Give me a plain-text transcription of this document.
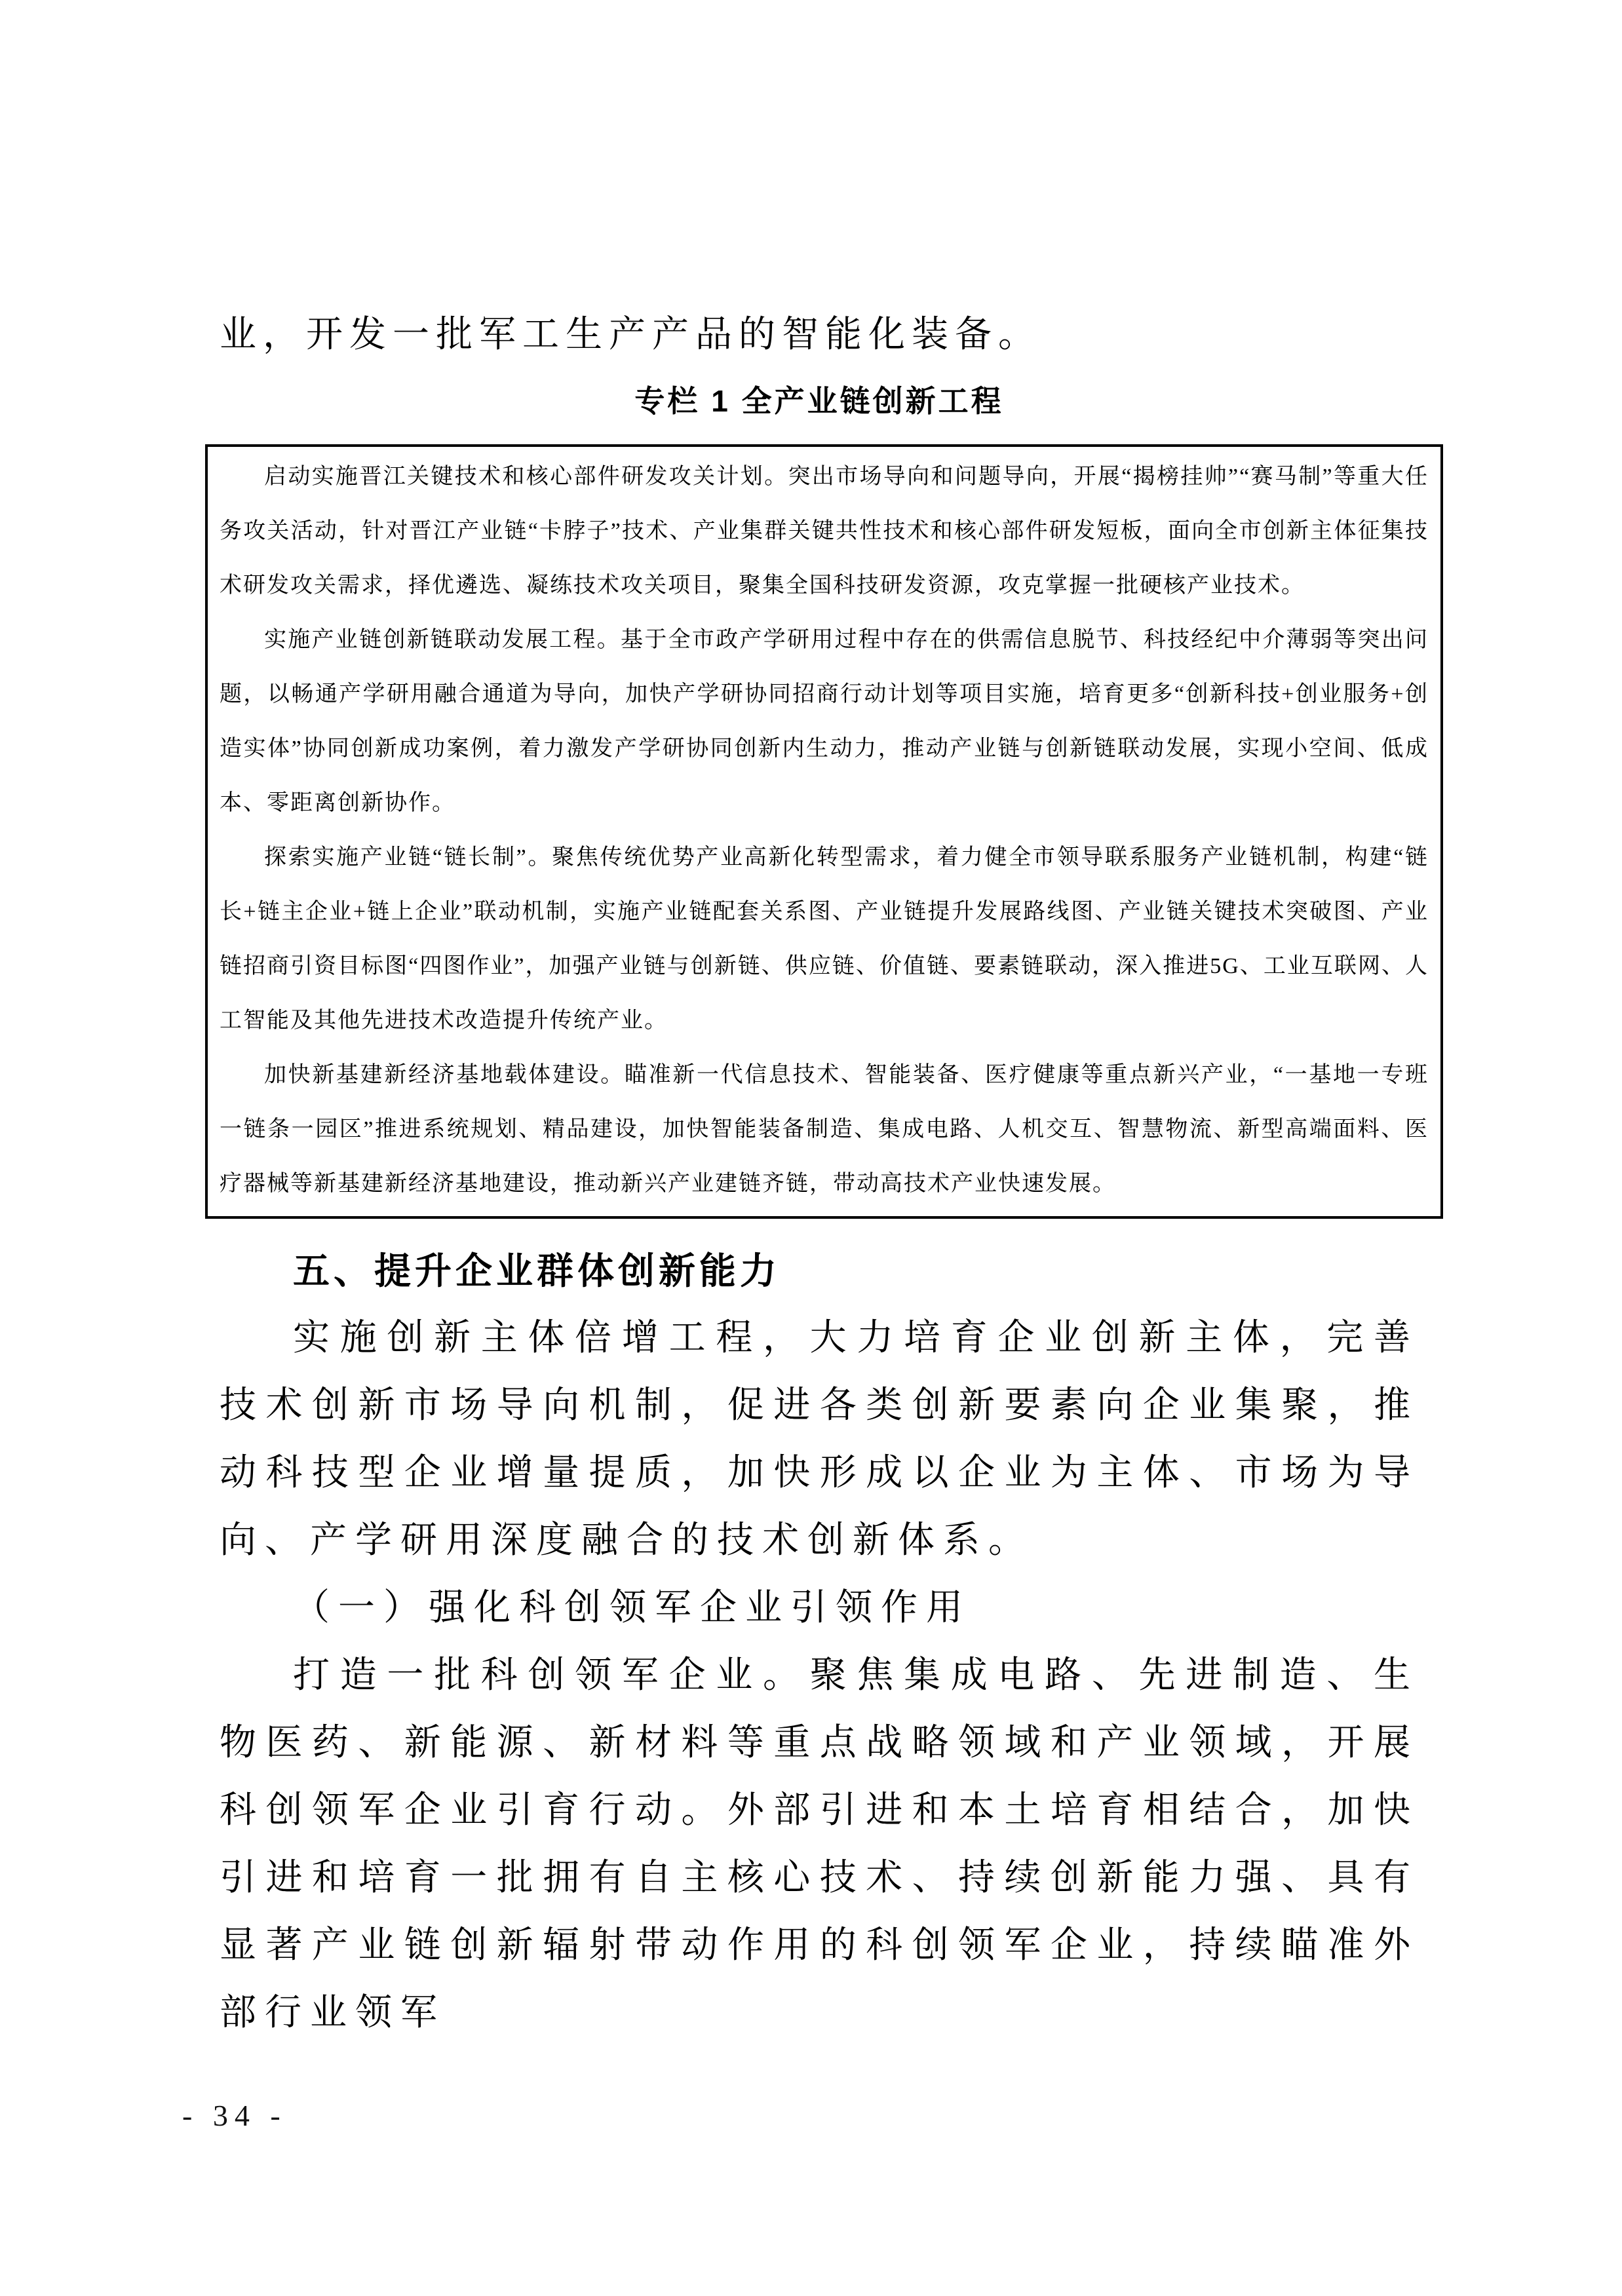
业，开发一批军工生产产品的智能化装备。

专栏 1 全产业链创新工程

启动实施晋江关键技术和核心部件研发攻关计划。突出市场导向和问题导向，开展“揭榜挂帅”“赛马制”等重大任务攻关活动，针对晋江产业链“卡脖子”技术、产业集群关键共性技术和核心部件研发短板，面向全市创新主体征集技术研发攻关需求，择优遴选、凝练技术攻关项目，聚集全国科技研发资源，攻克掌握一批硬核产业技术。

实施产业链创新链联动发展工程。基于全市政产学研用过程中存在的供需信息脱节、科技经纪中介薄弱等突出问题，以畅通产学研用融合通道为导向，加快产学研协同招商行动计划等项目实施，培育更多“创新科技+创业服务+创造实体”协同创新成功案例，着力激发产学研协同创新内生动力，推动产业链与创新链联动发展，实现小空间、低成本、零距离创新协作。

探索实施产业链“链长制”。聚焦传统优势产业高新化转型需求，着力健全市领导联系服务产业链机制，构建“链长+链主企业+链上企业”联动机制，实施产业链配套关系图、产业链提升发展路线图、产业链关键技术突破图、产业链招商引资目标图“四图作业”，加强产业链与创新链、供应链、价值链、要素链联动，深入推进5G、工业互联网、人工智能及其他先进技术改造提升传统产业。

加快新基建新经济基地载体建设。瞄准新一代信息技术、智能装备、医疗健康等重点新兴产业，“一基地一专班一链条一园区”推进系统规划、精品建设，加快智能装备制造、集成电路、人机交互、智慧物流、新型高端面料、医疗器械等新基建新经济基地建设，推动新兴产业建链齐链，带动高技术产业快速发展。

五、提升企业群体创新能力

实施创新主体倍增工程，大力培育企业创新主体，完善技术创新市场导向机制，促进各类创新要素向企业集聚，推动科技型企业增量提质，加快形成以企业为主体、市场为导向、产学研用深度融合的技术创新体系。

（一）强化科创领军企业引领作用

打造一批科创领军企业。聚焦集成电路、先进制造、生物医药、新能源、新材料等重点战略领域和产业领域，开展科创领军企业引育行动。外部引进和本土培育相结合，加快引进和培育一批拥有自主核心技术、持续创新能力强、具有显著产业链创新辐射带动作用的科创领军企业，持续瞄准外部行业领军

- 34 -
